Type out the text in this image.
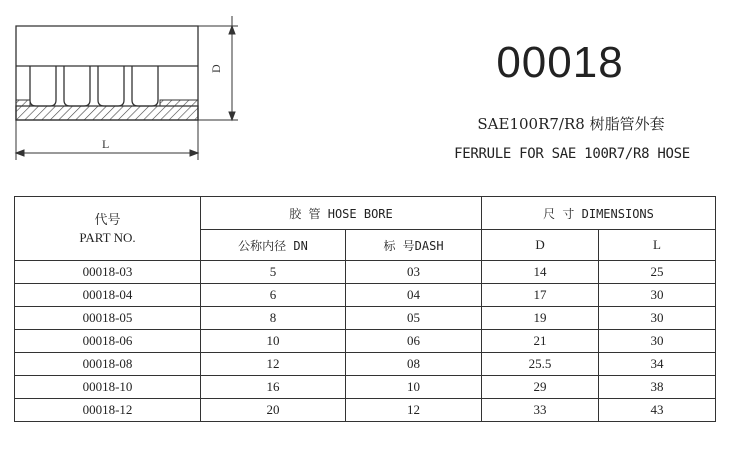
D
L
00018
SAE100R7/R8 树脂管外套
FERRULE FOR SAE 100R7/R8 HOSE
代号
PART NO.	胶 管 HOSE BORE		尺 寸 DIMENSIONS	
	公称内径 DN	标 号DASH	D	L
00018-03	5	03	14	25
00018-04	6	04	17	30
00018-05	8	05	19	30
00018-06	10	06	21	30
00018-08	12	08	25.5	34
00018-10	16	10	29	38
00018-12	20	12	33	43
